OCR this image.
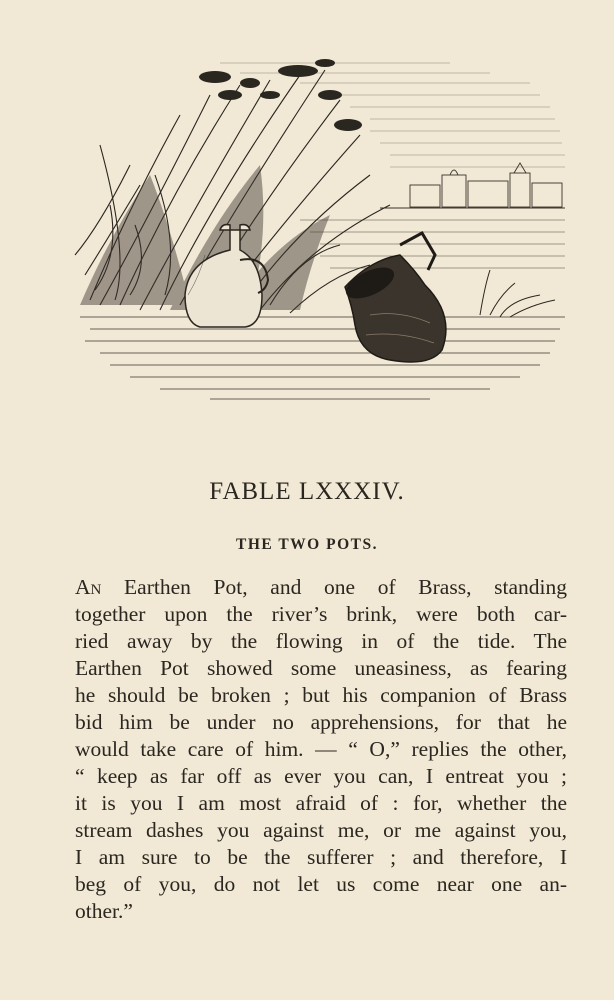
FABLE LXXXIV.
THE TWO POTS.
An Earthen Pot, and one of Brass, standing
together upon the river’s brink, were both car-
ried away by the flowing in of the tide. The
Earthen Pot showed some uneasiness, as fearing
he should be broken ; but his companion of Brass
bid him be under no apprehensions, for that he
would take care of him. — “ O,” replies the other,
“ keep as far off as ever you can, I entreat you ;
it is you I am most afraid of : for, whether the
stream dashes you against me, or me against you,
I am sure to be the sufferer ; and therefore, I
beg of you, do not let us come near one an-
other.”
